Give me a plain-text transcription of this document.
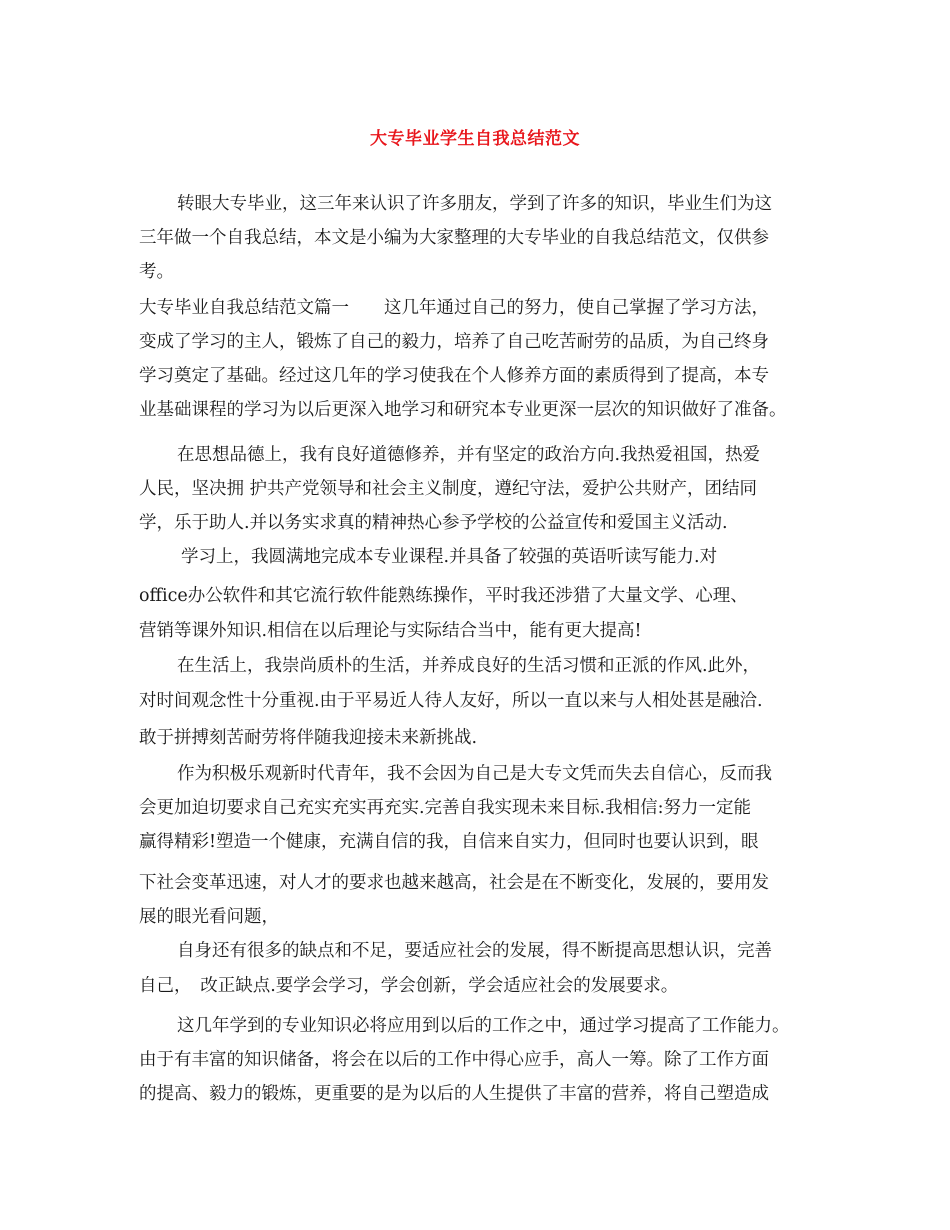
大专毕业学生自我总结范文
转眼大专毕业，这三年来认识了许多朋友，学到了许多的知识，毕业生们为这
三年做一个自我总结，本文是小编为大家整理的大专毕业的自我总结范文，仅供参
考。
大专毕业自我总结范文篇一　　这几年通过自己的努力，使自己掌握了学习方法，
变成了学习的主人，锻炼了自己的毅力，培养了自己吃苦耐劳的品质，为自己终身
学习奠定了基础。经过这几年的学习使我在个人修养方面的素质得到了提高，本专
业基础课程的学习为以后更深入地学习和研究本专业更深一层次的知识做好了准备。
在思想品德上，我有良好道德修养，并有坚定的政治方向.我热爱祖国，热爱
人民，坚决拥 护共产党领导和社会主义制度，遵纪守法，爱护公共财产，团结同
学，乐于助人.并以务实求真的精神热心参予学校的公益宣传和爱国主义活动.
学习上，我圆满地完成本专业课程.并具备了较强的英语听读写能力.对
office办公软件和其它流行软件能熟练操作，平时我还涉猎了大量文学、心理、
营销等课外知识.相信在以后理论与实际结合当中，能有更大提高!
在生活上，我崇尚质朴的生活，并养成良好的生活习惯和正派的作风.此外，
对时间观念性十分重视.由于平易近人待人友好，所以一直以来与人相处甚是融洽.
敢于拼搏刻苦耐劳将伴随我迎接未来新挑战.
作为积极乐观新时代青年，我不会因为自己是大专文凭而失去自信心，反而我
会更加迫切要求自己充实充实再充实.完善自我实现未来目标.我相信:努力一定能
赢得精彩!塑造一个健康，充满自信的我，自信来自实力，但同时也要认识到，眼
下社会变革迅速，对人才的要求也越来越高，社会是在不断变化，发展的，要用发
展的眼光看问题，
自身还有很多的缺点和不足，要适应社会的发展，得不断提高思想认识，完善
自己，　改正缺点.要学会学习，学会创新，学会适应社会的发展要求。
这几年学到的专业知识必将应用到以后的工作之中，通过学习提高了工作能力。
由于有丰富的知识储备，将会在以后的工作中得心应手，高人一筹。除了工作方面
的提高、毅力的锻炼，更重要的是为以后的人生提供了丰富的营养，将自己塑造成
